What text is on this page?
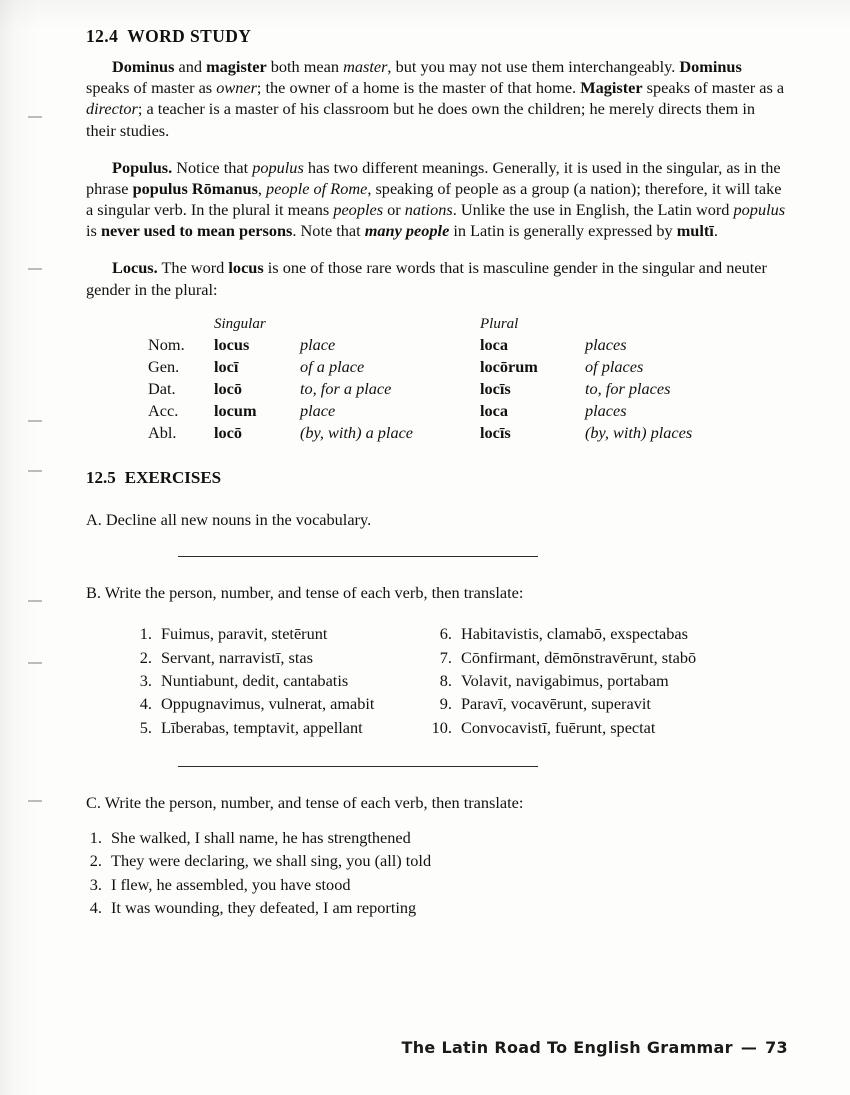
12.4 WORD STUDY

Dominus and magister both mean master, but you may not use them interchangeably. Dominus speaks of master as owner; the owner of a home is the master of that home. Magister speaks of master as a director; a teacher is a master of his classroom but he does own the children; he merely directs them in their studies.

Populus. Notice that populus has two different meanings. Generally, it is used in the singular, as in the phrase populus Rōmanus, people of Rome, speaking of people as a group (a nation); therefore, it will take a singular verb. In the plural it means peoples or nations. Unlike the use in English, the Latin word populus is never used to mean persons. Note that many people in Latin is generally expressed by multī.

Locus. The word locus is one of those rare words that is masculine gender in the singular and neuter gender in the plural:

	Singular		Plural	
Nom.	locus	place	loca	places
Gen.	locī	of a place	locōrum	of places
Dat.	locō	to, for a place	locīs	to, for places
Acc.	locum	place	loca	places
Abl.	locō	(by, with) a place	locīs	(by, with) places
12.5 EXERCISES
A. Decline all new nouns in the vocabulary.
B. Write the person, number, and tense of each verb, then translate:
1. Fuimus, paravit, stetērunt
2. Servant, narravistī, stas
3. Nuntiabunt, dedit, cantabatis
4. Oppugnavimus, vulnerat, amabit
5. Līberabas, temptavit, appellant
6. Habitavistis, clamabō, exspectabas
7. Cōnfirmant, dēmōnstravērunt, stabō
8. Volavit, navigabimus, portabam
9. Paravī, vocavērunt, superavit
10. Convocavistī, fuērunt, spectat
C. Write the person, number, and tense of each verb, then translate:
1. She walked, I shall name, he has strengthened
2. They were declaring, we shall sing, you (all) told
3. I flew, he assembled, you have stood
4. It was wounding, they defeated, I am reporting
The Latin Road To English Grammar — 73
